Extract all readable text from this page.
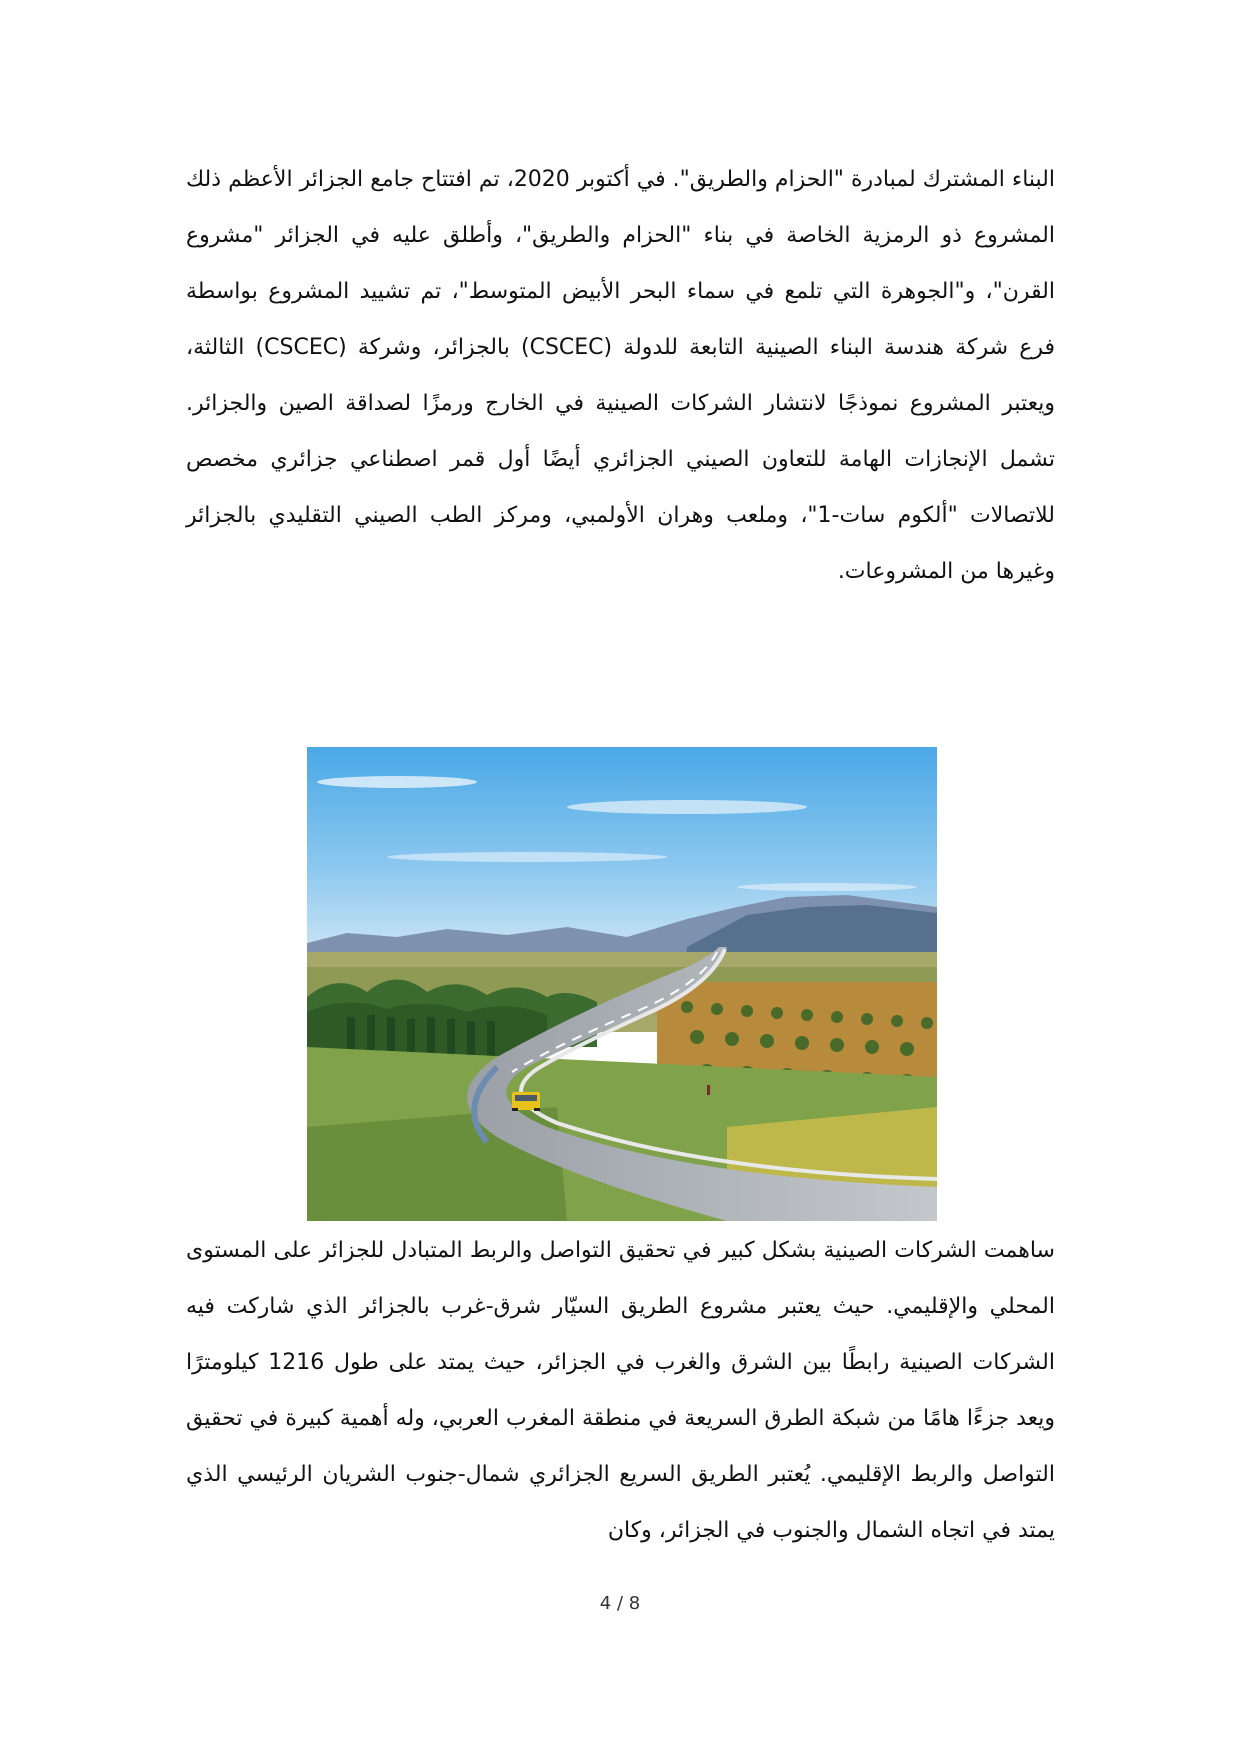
البناء المشترك لمبادرة "الحزام والطريق". في أكتوبر 2020، تم افتتاح جامع الجزائر الأعظم ذلك المشروع ذو الرمزية الخاصة في بناء "الحزام والطريق"، وأطلق عليه في الجزائر "مشروع القرن"، و"الجوهرة التي تلمع في سماء البحر الأبيض المتوسط"، تم تشييد المشروع بواسطة فرع شركة هندسة البناء الصينية التابعة للدولة (CSCEC) بالجزائر، وشركة (CSCEC) الثالثة، ويعتبر المشروع نموذجًا لانتشار الشركات الصينية في الخارج ورمزًا لصداقة الصين والجزائر. تشمل الإنجازات الهامة للتعاون الصيني الجزائري أيضًا أول قمر اصطناعي جزائري مخصص للاتصالات "ألكوم سات-1"، وملعب وهران الأولمبي، ومركز الطب الصيني التقليدي بالجزائر وغيرها من المشروعات.

ساهمت الشركات الصينية بشكل كبير في تحقيق التواصل والربط المتبادل للجزائر على المستوى المحلي والإقليمي. حيث يعتبر مشروع الطريق السيّار شرق-غرب بالجزائر الذي شاركت فيه الشركات الصينية رابطًا بين الشرق والغرب في الجزائر، حيث يمتد على طول 1216 كيلومترًا ويعد جزءًا هامًا من شبكة الطرق السريعة في منطقة المغرب العربي، وله أهمية كبيرة في تحقيق التواصل والربط الإقليمي. يُعتبر الطريق السريع الجزائري شمال-جنوب الشريان الرئيسي الذي يمتد في اتجاه الشمال والجنوب في الجزائر، وكان

4 / 8
